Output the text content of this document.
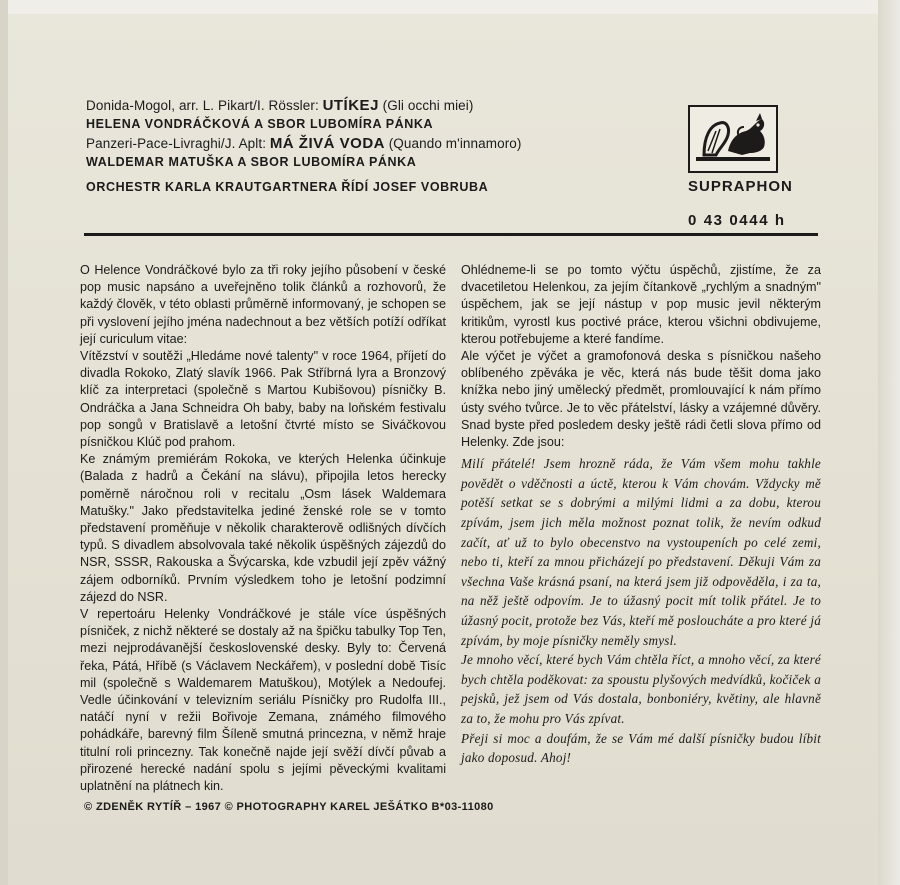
Donida-Mogol, arr. L. Pikart/I. Rössler: UTÍKEJ (Gli occhi miei)
HELENA VONDRÁČKOVÁ A SBOR LUBOMÍRA PÁNKA
Panzeri-Pace-Livraghi/J. Aplt: MÁ ŽIVÁ VODA (Quando m'innamoro)
WALDEMAR MATUŠKA A SBOR LUBOMÍRA PÁNKA
ORCHESTR KARLA KRAUTGARTNERA ŘÍDÍ JOSEF VOBRUBA	SUPRAPHON
0 43 0444 h

O Helence Vondráčkové bylo za tři roky jejího působení v české pop music napsáno a uveřejněno tolik článků a rozhovorů, že každý člověk, v této oblasti průměrně informovaný, je schopen se při vyslovení jejího jména nadechnout a bez větších potíží odříkat její curiculum vitae:

Vítězství v soutěži „Hledáme nové talenty" v roce 1964, příjetí do divadla Rokoko, Zlatý slavík 1966. Pak Stříbrná lyra a Bronzový klíč za interpretaci (společně s Martou Kubišovou) písničky B. Ondráčka a Jana Schneidra Oh baby, baby na loňském festivalu pop songů v Bratislavě a letošní čtvrté místo se Siváčkovou písničkou Klúč pod prahom.

Ke známým premiérám Rokoka, ve kterých Helenka účinkuje (Balada z hadrů a Čekání na slávu), připojila letos herecky poměrně náročnou roli v recitalu „Osm lásek Waldemara Matušky." Jako představitelka jediné ženské role se v tomto představení proměňuje v několik charakterově odlišných dívčích typů. S divadlem absolvovala také několik úspěšných zájezdů do NSR, SSSR, Rakouska a Švýcarska, kde vzbudil její zpěv vážný zájem odborníků. Prvním výsledkem toho je letošní podzimní zájezd do NSR.

V repertoáru Helenky Vondráčkové je stále více úspěšných písniček, z nichž některé se dostaly až na špičku tabulky Top Ten, mezi nejprodávanější československé desky. Byly to: Červená řeka, Pátá, Hříbě (s Václavem Neckářem), v poslední době Tisíc mil (společně s Waldemarem Matuškou), Motýlek a Nedoufej. Vedle účinkování v televizním seriálu Písničky pro Rudolfa III., natáčí nyní v režii Bořivoje Zemana, známého filmového pohádkáře, barevný film Šíleně smutná princezna, v němž hraje titulní roli princezny. Tak konečně najde její svěží dívčí půvab a přirozené herecké nadání spolu s jejími pěveckými kvalitami uplatnění na plátnech kin.

Ohlédneme-li se po tomto výčtu úspěchů, zjistíme, že za dvacetiletou Helenkou, za jejím čítankově „rychlým a snadným" úspěchem, jak se její nástup v pop music jevil některým kritikům, vyrostl kus poctivé práce, kterou všichni obdivujeme, kterou potřebujeme a které fandíme.

Ale výčet je výčet a gramofonová deska s písničkou našeho oblíbeného zpěváka je věc, která nás bude těšit doma jako knížka nebo jiný umělecký předmět, promlouvající k nám přímo ústy svého tvůrce. Je to věc přátelství, lásky a vzájemné důvěry. Snad byste před posledem desky ještě rádi četli slova přímo od Helenky. Zde jsou:

Milí přátelé! Jsem hrozně ráda, že Vám všem mohu takhle povědět o vděčnosti a úctě, kterou k Vám chovám. Vždycky mě potěší setkat se s dobrými a milými lidmi a za dobu, kterou zpívám, jsem jich měla možnost poznat tolik, že nevím odkud začít, ať už to bylo obecenstvo na vystoupeních po celé zemi, nebo ti, kteří za mnou přicházejí po představení. Děkuji Vám za všechna Vaše krásná psaní, na která jsem již odpověděla, i za ta, na něž ještě odpovím. Je to úžasný pocit mít tolik přátel. Je to úžasný pocit, protože bez Vás, kteří mě posloucháte a pro které já zpívám, by moje písničky neměly smysl.

Je mnoho věcí, které bych Vám chtěla říct, a mnoho věcí, za které bych chtěla poděkovat: za spoustu plyšových medvídků, kočiček a pejsků, jež jsem od Vás dostala, bonboniéry, květiny, ale hlavně za to, že mohu pro Vás zpívat.

Přeji si moc a doufám, že se Vám mé další písničky budou líbit jako doposud. Ahoj!

© ZDENĚK RYTÍŘ – 1967 © PHOTOGRAPHY KAREL JEŠÁTKO B*03-11080
